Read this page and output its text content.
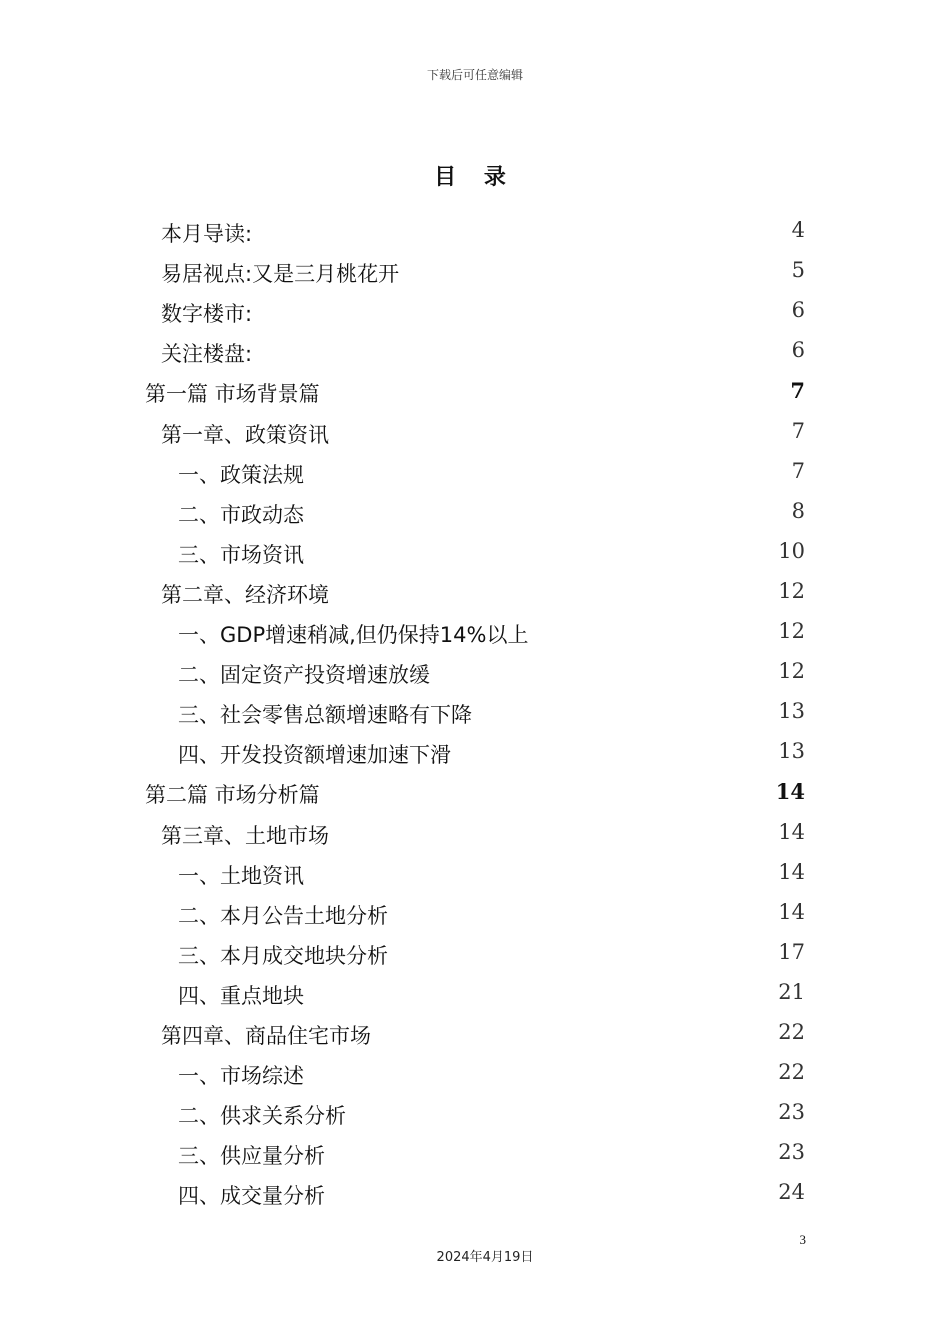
下载后可任意编辑
目 录
本月导读:	4
易居视点:又是三月桃花开	5
数字楼市:	6
关注楼盘:	6
第一篇 市场背景篇	7
第一章、政策资讯	7
一、政策法规	7
二、市政动态	8
三、市场资讯	10
第二章、经济环境	12
一、GDP增速稍减,但仍保持14%以上	12
二、固定资产投资增速放缓	12
三、社会零售总额增速略有下降	13
四、开发投资额增速加速下滑	13
第二篇 市场分析篇	14
第三章、土地市场	14
一、土地资讯	14
二、本月公告土地分析	14
三、本月成交地块分析	17
四、重点地块	21
第四章、商品住宅市场	22
一、市场综述	22
二、供求关系分析	23
三、供应量分析	23
四、成交量分析	24
3
2024年4月19日
